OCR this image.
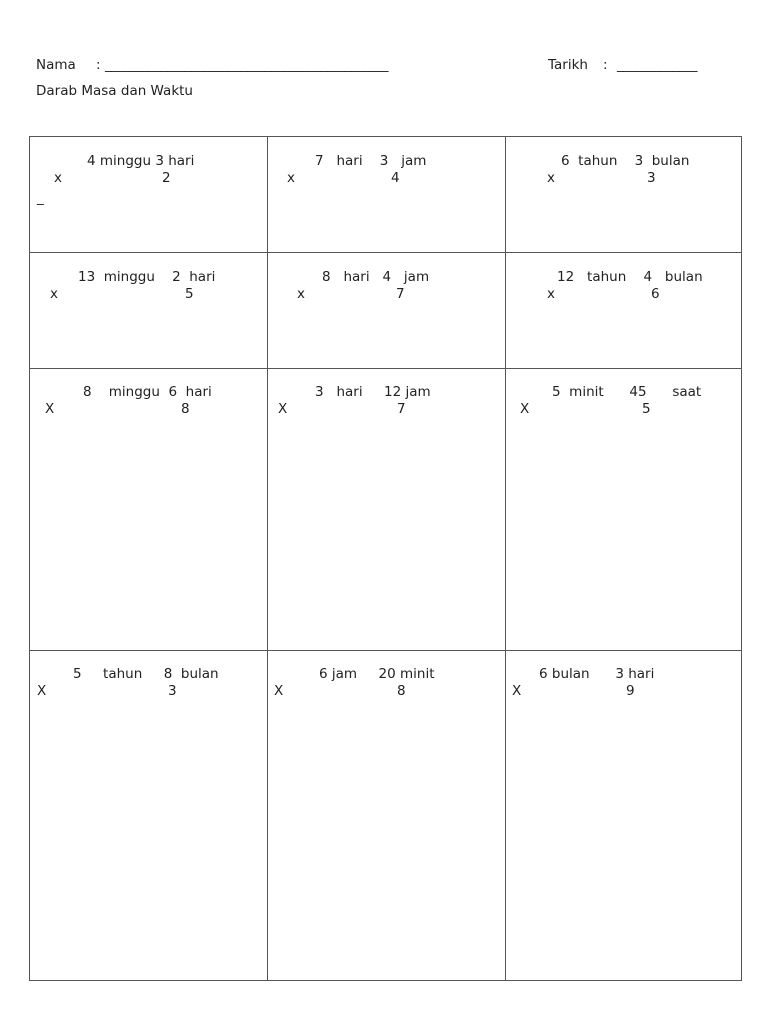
Nama : ______________________________________________	Tarikh : _____________
Darab Masa dan Waktu
4 minggu 3 hari
x	2
_
7   hari    3   jam
x	4
6  tahun    3  bulan
x	3
13  minggu    2  hari
x	5
8   hari   4   jam
x	7
12   tahun    4   bulan
x	6
8    minggu  6  hari
X	8
3   hari     12 jam
X	7
5  minit      45      saat
X	5
5     tahun     8  bulan
X	3
6 jam     20 minit
X	8
6 bulan      3 hari
X	9
